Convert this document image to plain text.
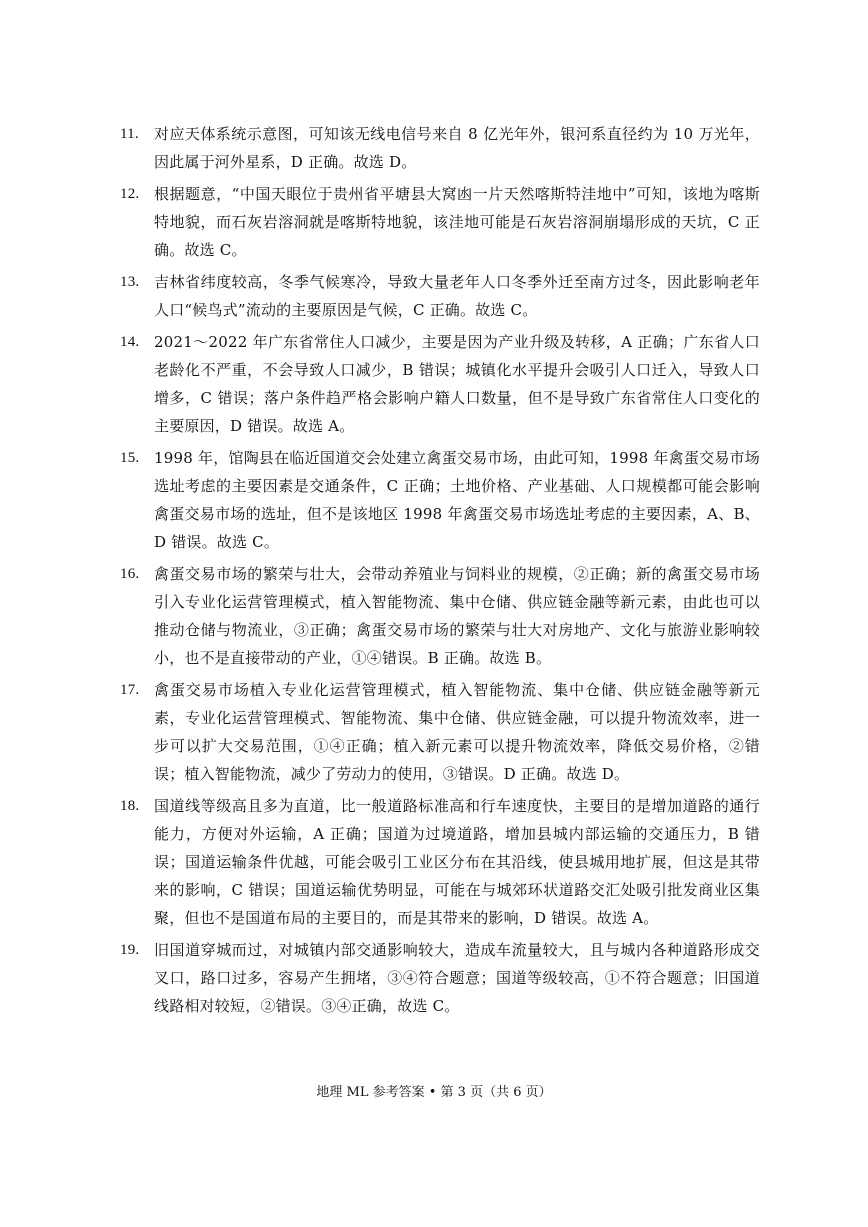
11. 对应天体系统示意图，可知该无线电信号来自 8 亿光年外，银河系直径约为 10 万光年，因此属于河外星系，D 正确。故选 D。
12. 根据题意，“中国天眼位于贵州省平塘县大窝凼一片天然喀斯特洼地中”可知，该地为喀斯特地貌，而石灰岩溶洞就是喀斯特地貌，该洼地可能是石灰岩溶洞崩塌形成的天坑，C 正确。故选 C。
13. 吉林省纬度较高，冬季气候寒冷，导致大量老年人口冬季外迁至南方过冬，因此影响老年人口“候鸟式”流动的主要原因是气候，C 正确。故选 C。
14. 2021～2022 年广东省常住人口减少，主要是因为产业升级及转移，A 正确；广东省人口老龄化不严重，不会导致人口减少，B 错误；城镇化水平提升会吸引人口迁入，导致人口增多，C 错误；落户条件趋严格会影响户籍人口数量，但不是导致广东省常住人口变化的主要原因，D 错误。故选 A。
15. 1998 年，馆陶县在临近国道交会处建立禽蛋交易市场，由此可知，1998 年禽蛋交易市场选址考虑的主要因素是交通条件，C 正确；土地价格、产业基础、人口规模都可能会影响禽蛋交易市场的选址，但不是该地区 1998 年禽蛋交易市场选址考虑的主要因素，A、B、D 错误。故选 C。
16. 禽蛋交易市场的繁荣与壮大，会带动养殖业与饲料业的规模，②正确；新的禽蛋交易市场引入专业化运营管理模式，植入智能物流、集中仓储、供应链金融等新元素，由此也可以推动仓储与物流业，③正确；禽蛋交易市场的繁荣与壮大对房地产、文化与旅游业影响较小，也不是直接带动的产业，①④错误。B 正确。故选 B。
17. 禽蛋交易市场植入专业化运营管理模式，植入智能物流、集中仓储、供应链金融等新元素，专业化运营管理模式、智能物流、集中仓储、供应链金融，可以提升物流效率，进一步可以扩大交易范围，①④正确；植入新元素可以提升物流效率，降低交易价格，②错误；植入智能物流，减少了劳动力的使用，③错误。D 正确。故选 D。
18. 国道线等级高且多为直道，比一般道路标准高和行车速度快，主要目的是增加道路的通行能力，方便对外运输，A 正确；国道为过境道路，增加县城内部运输的交通压力，B 错误；国道运输条件优越，可能会吸引工业区分布在其沿线，使县城用地扩展，但这是其带来的影响，C 错误；国道运输优势明显，可能在与城郊环状道路交汇处吸引批发商业区集聚，但也不是国道布局的主要目的，而是其带来的影响，D 错误。故选 A。
19. 旧国道穿城而过，对城镇内部交通影响较大，造成车流量较大，且与城内各种道路形成交叉口，路口过多，容易产生拥堵，③④符合题意；国道等级较高，①不符合题意；旧国道线路相对较短，②错误。③④正确，故选 C。
地理 ML 参考答案 • 第 3 页（共 6 页）
